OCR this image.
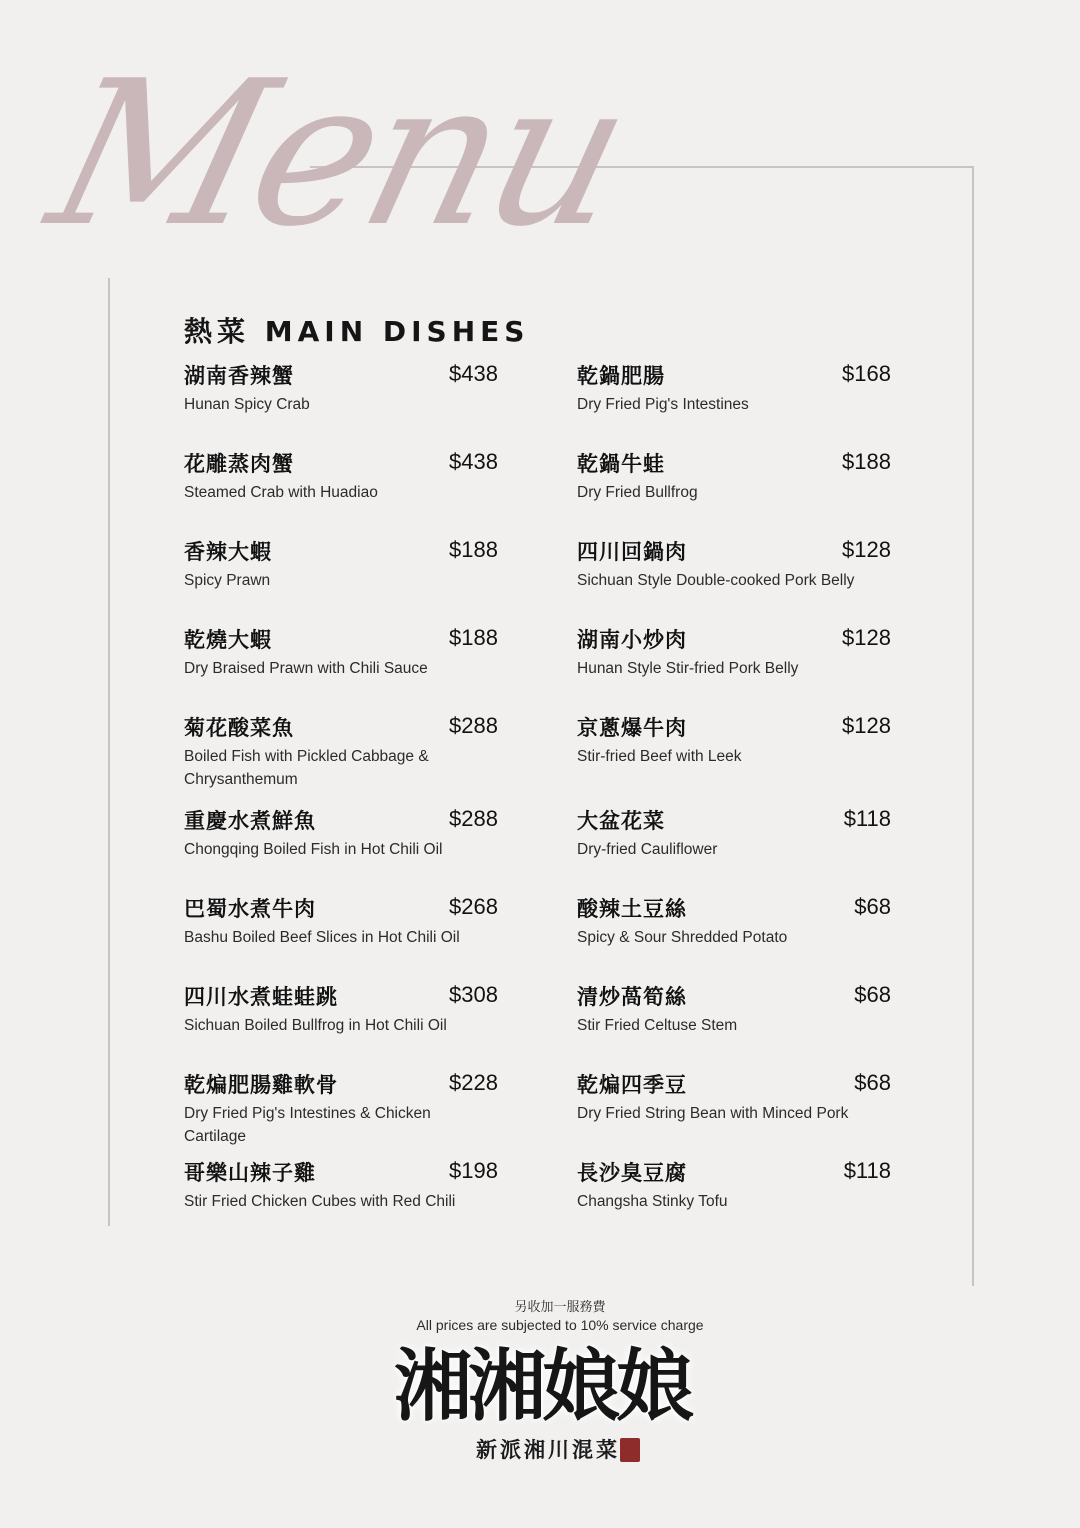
Menu
熱菜 MAIN DISHES
湖南香辣蟹	$438
Hunan Spicy Crab
花雕蒸肉蟹	$438
Steamed Crab with Huadiao
香辣大蝦	$188
Spicy Prawn
乾燒大蝦	$188
Dry Braised Prawn with Chili Sauce
菊花酸菜魚	$288
Boiled Fish with Pickled Cabbage & Chrysanthemum
重慶水煮鮮魚	$288
Chongqing Boiled Fish in Hot Chili Oil
巴蜀水煮牛肉	$268
Bashu Boiled Beef Slices in Hot Chili Oil
四川水煮蛙蛙跳	$308
Sichuan Boiled Bullfrog in Hot Chili Oil
乾煸肥腸雞軟骨	$228
Dry Fried Pig's Intestines & Chicken Cartilage
哥樂山辣子雞	$198
Stir Fried Chicken Cubes with Red Chili
乾鍋肥腸	$168
Dry Fried Pig's Intestines
乾鍋牛蛙	$188
Dry Fried Bullfrog
四川回鍋肉	$128
Sichuan Style Double-cooked Pork Belly
湖南小炒肉	$128
Hunan Style Stir-fried Pork Belly
京蔥爆牛肉	$128
Stir-fried Beef with Leek
大盆花菜	$118
Dry-fried Cauliflower
酸辣土豆絲	$68
Spicy & Sour Shredded Potato
清炒萵筍絲	$68
Stir Fried Celtuse Stem
乾煸四季豆	$68
Dry Fried String Bean with Minced Pork
長沙臭豆腐	$118
Changsha Stinky Tofu
另收加一服務費
All prices are subjected to 10% service charge
湘湘娘娘
新派湘川混菜
